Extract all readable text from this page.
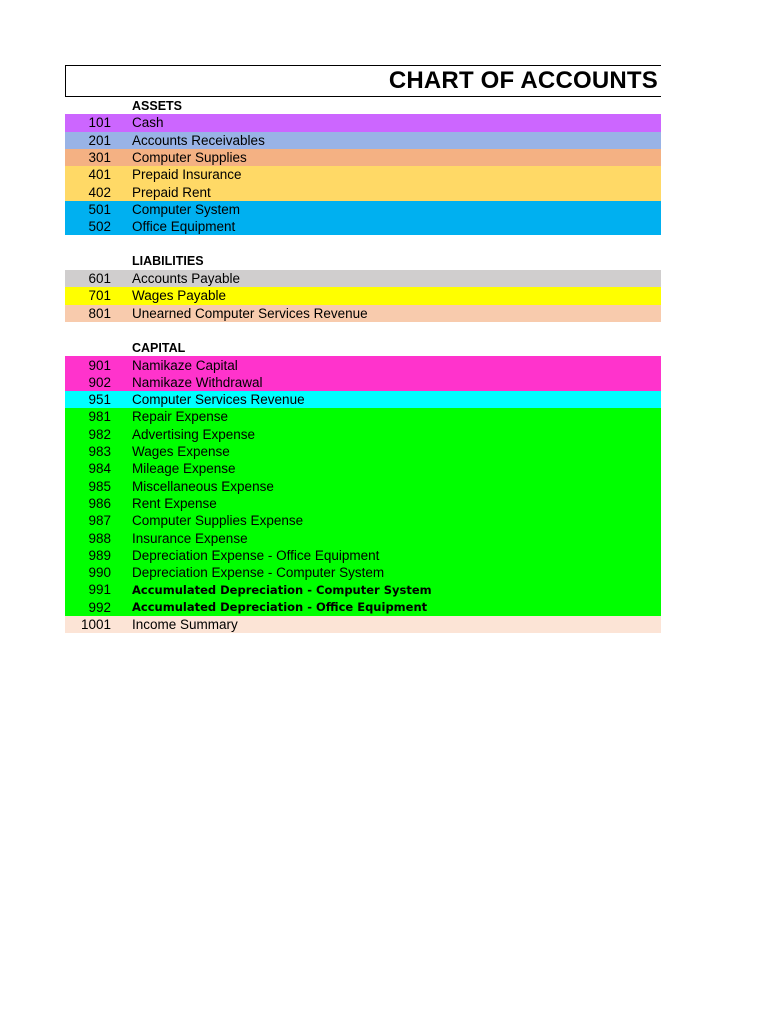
CHART OF ACCOUNTS
ASSETS
101	Cash
201	Accounts Receivables
301	Computer Supplies
401	Prepaid Insurance
402	Prepaid Rent
501	Computer System
502	Office Equipment
LIABILITIES
601	Accounts Payable
701	Wages Payable
801	Unearned Computer Services Revenue
CAPITAL
901	Namikaze Capital
902	Namikaze Withdrawal
951	Computer Services Revenue
981	Repair Expense
982	Advertising Expense
983	Wages Expense
984	Mileage Expense
985	Miscellaneous Expense
986	Rent Expense
987	Computer Supplies Expense
988	Insurance Expense
989	Depreciation Expense - Office Equipment
990	Depreciation Expense - Computer System
991	Accumulated Depreciation - Computer System
992	Accumulated Depreciation - Office Equipment
1001	Income Summary
